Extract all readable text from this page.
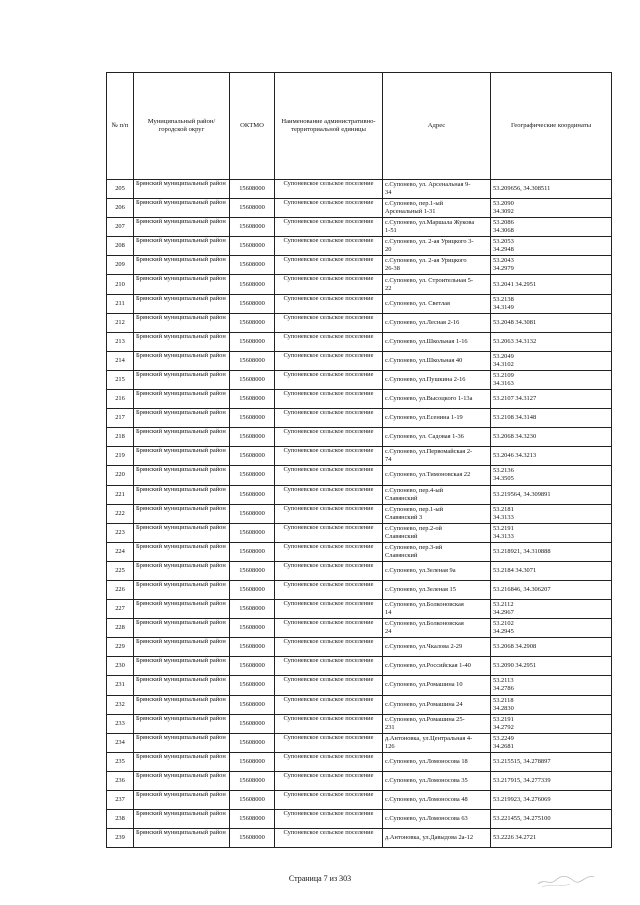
№ п/п	Муниципальный район/городской округ	ОКТМО	Наименование административно-территориальной единицы	Адрес	Географические координаты
205	Брянский муниципальный район	15608000	Супоневское сельское поселение	с.Супонево, ул. Арсенальная 9-
34	53.209656, 34.308511
206	Брянский муниципальный район	15608000	Супоневское сельское поселение	с.Супонево, пер.1-ый
Арсенальный 1-31	53.2090
34.3092
207	Брянский муниципальный район	15608000	Супоневское сельское поселение	с.Супонево, ул.Маршала Жукова
1-51	53.2086
34.3068
208	Брянский муниципальный район	15608000	Супоневское сельское поселение	с.Супонево, ул. 2-ая Урицкого 3-
20	53.2053
34.2948
209	Брянский муниципальный район	15608000	Супоневское сельское поселение	с.Супонево, ул. 2-ая Урицкого
26-38	53.2043
34.2979
210	Брянский муниципальный район	15608000	Супоневское сельское поселение	с.Супонево, ул. Строительная 5-
22	53.2041 34.2951
211	Брянский муниципальный район	15608000	Супоневское сельское поселение	с.Супонево, ул. Светлая	53.2138
34.3149
212	Брянский муниципальный район	15608000	Супоневское сельское поселение	с.Супонево, ул.Лесная 2-16	53.2048 34.3081
213	Брянский муниципальный район	15608000	Супоневское сельское поселение	с.Супонево, ул.Школьная 1-16	53.2063 34.3132
214	Брянский муниципальный район	15608000	Супоневское сельское поселение	с.Супонево, ул.Школьная 40	53.2049
34.3102
215	Брянский муниципальный район	15608000	Супоневское сельское поселение	с.Супонево, ул.Пушкина 2-16	53.2109
34.3163
216	Брянский муниципальный район	15608000	Супоневское сельское поселение	с.Супонево, ул.Высоцкого 1-13а	53.2107 34.3127
217	Брянский муниципальный район	15608000	Супоневское сельское поселение	с.Супонево, ул.Есенина 1-19	53.2108 34.3148
218	Брянский муниципальный район	15608000	Супоневское сельское поселение	с.Супонево, ул. Садовая 1-36	53.2068 34.3230
219	Брянский муниципальный район	15608000	Супоневское сельское поселение	с.Супонево, ул.Первомайская 2-
74	53.2046 34.3213
220	Брянский муниципальный район	15608000	Супоневское сельское поселение	с.Супонево, ул.Тимоновская 22	53.2136
34.3505
221	Брянский муниципальный район	15608000	Супоневское сельское поселение	с.Супонево, пер.4-ый
Славянский	53.219564, 34.309891
222	Брянский муниципальный район	15608000	Супоневское сельское поселение	с.Супонево, пер.1-ый
Славянский 3	53.2181
34.3133
223	Брянский муниципальный район	15608000	Супоневское сельское поселение	с.Супонево, пер.2-ой
Славянский	53.2191
34.3133
224	Брянский муниципальный район	15608000	Супоневское сельское поселение	с.Супонево, пер.3-ий
Славянский	53.218921, 34.310888
225	Брянский муниципальный район	15608000	Супоневское сельское поселение	с.Супонево, ул.Зеленая 9а	53.2184 34.3071
226	Брянский муниципальный район	15608000	Супоневское сельское поселение	с.Супонево, ул.Зеленая 15	53.216846, 34.306207
227	Брянский муниципальный район	15608000	Супоневское сельское поселение	с.Супонево, ул.Болконовская
14	53.2112
34.2967
228	Брянский муниципальный район	15608000	Супоневское сельское поселение	с.Супонево, ул.Болконовская
24	53.2102
34.2945
229	Брянский муниципальный район	15608000	Супоневское сельское поселение	с.Супонево, ул.Чкалова 2-29	53.2068 34.2908
230	Брянский муниципальный район	15608000	Супоневское сельское поселение	с.Супонево, ул.Российская 1-40	53.2090 34.2951
231	Брянский муниципальный район	15608000	Супоневское сельское поселение	с.Супонево, ул.Ромашина 10	53.2113
34.2786
232	Брянский муниципальный район	15608000	Супоневское сельское поселение	с.Супонево, ул.Ромашина 24	53.2118
34.2830
233	Брянский муниципальный район	15608000	Супоневское сельское поселение	с.Супонево, ул.Ромашина 25-
231	53.2191
34.2792
234	Брянский муниципальный район	15608000	Супоневское сельское поселение	д.Антоновка, ул.Центральная 4-
126	53.2249
34.2681
235	Брянский муниципальный район	15608000	Супоневское сельское поселение	с.Супонево, ул.Ломоносова 18	53.215515, 34.278897
236	Брянский муниципальный район	15608000	Супоневское сельское поселение	с.Супонево, ул.Ломоносова 35	53.217915, 34.277339
237	Брянский муниципальный район	15608000	Супоневское сельское поселение	с.Супонево, ул.Ломоносова 48	53.219923, 34.276069
238	Брянский муниципальный район	15608000	Супоневское сельское поселение	с.Супонево, ул.Ломоносова 63	53.221455, 34.275100
239	Брянский муниципальный район	15608000	Супоневское сельское поселение	д.Антоновка, ул.Давыдова 2а-12	53.2226 34.2721
Страница 7 из 303
